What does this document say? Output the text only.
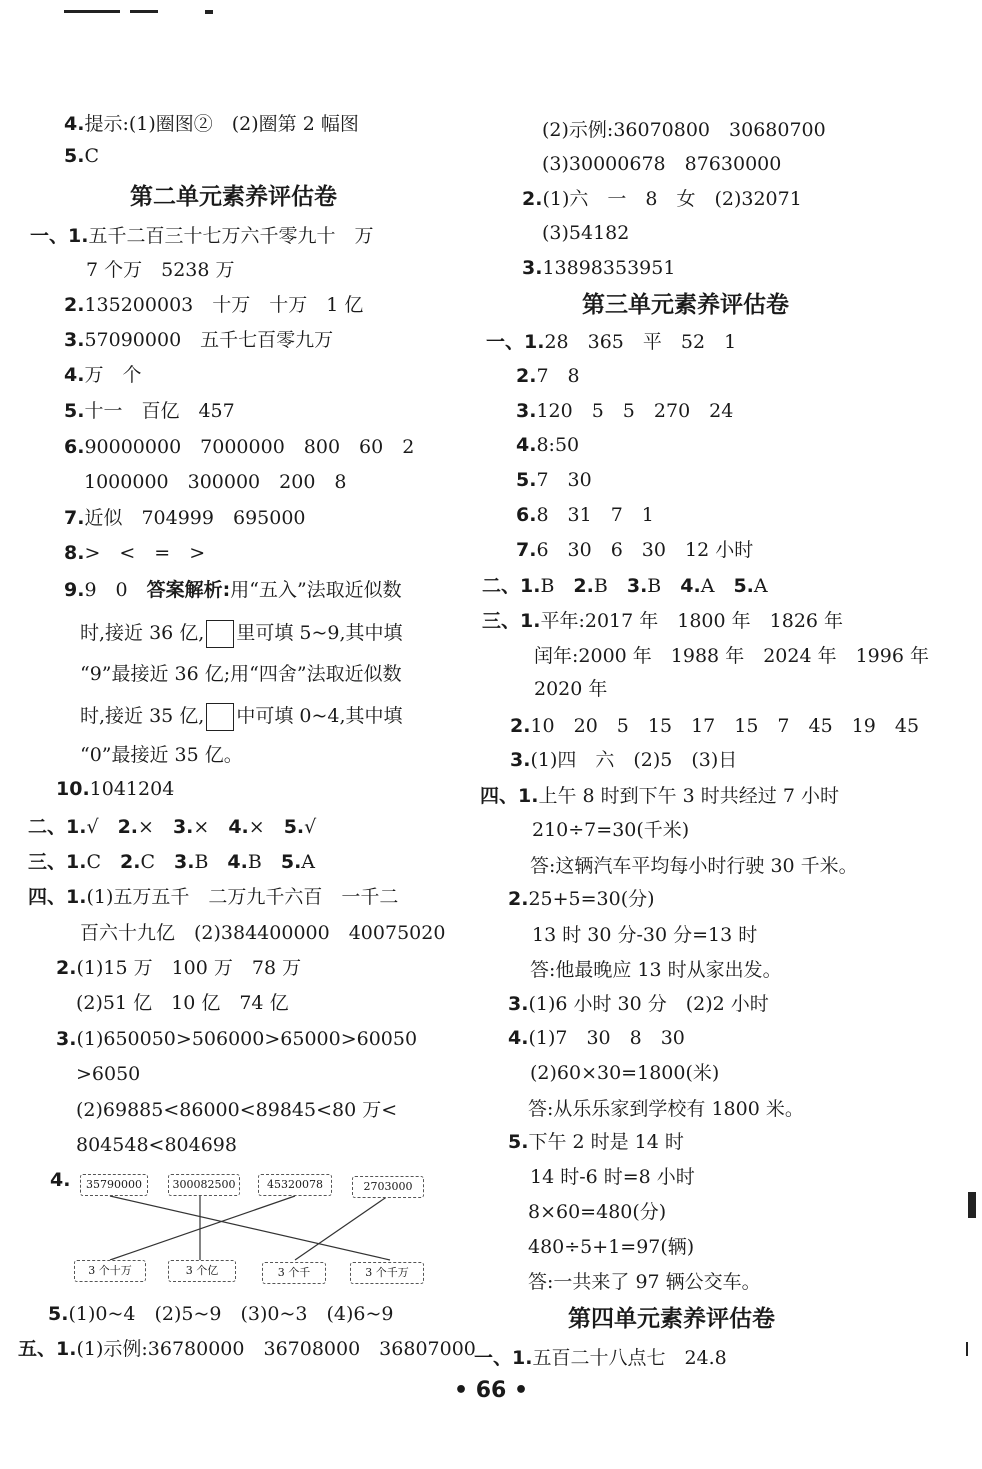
4.提示:(1)圈图②　(2)圈第 2 幅图
5.C
第二单元素养评估卷
一、1.五千二百三十七万六千零九十　万
7 个万　5238 万
2.135200003　十万　十万　1 亿
3.57090000　五千七百零九万
4.万　个
5.十一　百亿　457
6.90000000　7000000　800　60　2
1000000　300000　200　8
7.近似　704999　695000
8.>　<　=　>
9.9　0　答案解析:用“五入”法取近似数
时,接近 36 亿, 里可填 5~9,其中填
“9”最接近 36 亿;用“四舍”法取近似数
时,接近 35 亿, 中可填 0~4,其中填
“0”最接近 35 亿。
10.1041204
二、1.√　2.×　3.×　4.×　5.√
三、1.C　2.C　3.B　4.B　5.A
四、1.(1)五万五千　二万九千六百　一千二
百六十九亿　(2)384400000　40075020
2.(1)15 万　100 万　78 万
(2)51 亿　10 亿　74 亿
3.(1)650050>506000>65000>60050
>6050
(2)69885<86000<89845<80 万<
804548<804698
4.
5.(1)0~4　(2)5~9　(3)0~3　(4)6~9
五、1.(1)示例:36780000　36708000　36807000
35790000	300082500	45320078	2703000
3 个十万	3 个亿	3 个千	3 个千万
(2)示例:36070800　30680700
(3)30000678　87630000
2.(1)六　一　8　女　(2)32071
(3)54182
3.13898353951
第三单元素养评估卷
一、1.28　365　平　52　1
2.7　8
3.120　5　5　270　24
4.8:50
5.7　30
6.8　31　7　1
7.6　30　6　30　12 小时
二、1.B　2.B　3.B　4.A　5.A
三、1.平年:2017 年　1800 年　1826 年
闰年:2000 年　1988 年　2024 年　1996 年
2020 年
2.10　20　5　15　17　15　7　45　19　45
3.(1)四　六　(2)5　(3)日
四、1.上午 8 时到下午 3 时共经过 7 小时
210÷7=30(千米)
答:这辆汽车平均每小时行驶 30 千米。
2.25+5=30(分)
13 时 30 分-30 分=13 时
答:他最晚应 13 时从家出发。
3.(1)6 小时 30 分　(2)2 小时
4.(1)7　30　8　30
(2)60×30=1800(米)
答:从乐乐家到学校有 1800 米。
5.下午 2 时是 14 时
14 时-6 时=8 小时
8×60=480(分)
480÷5+1=97(辆)
答:一共来了 97 辆公交车。
第四单元素养评估卷
一、1.五百二十八点七　24.8
• 66 •
